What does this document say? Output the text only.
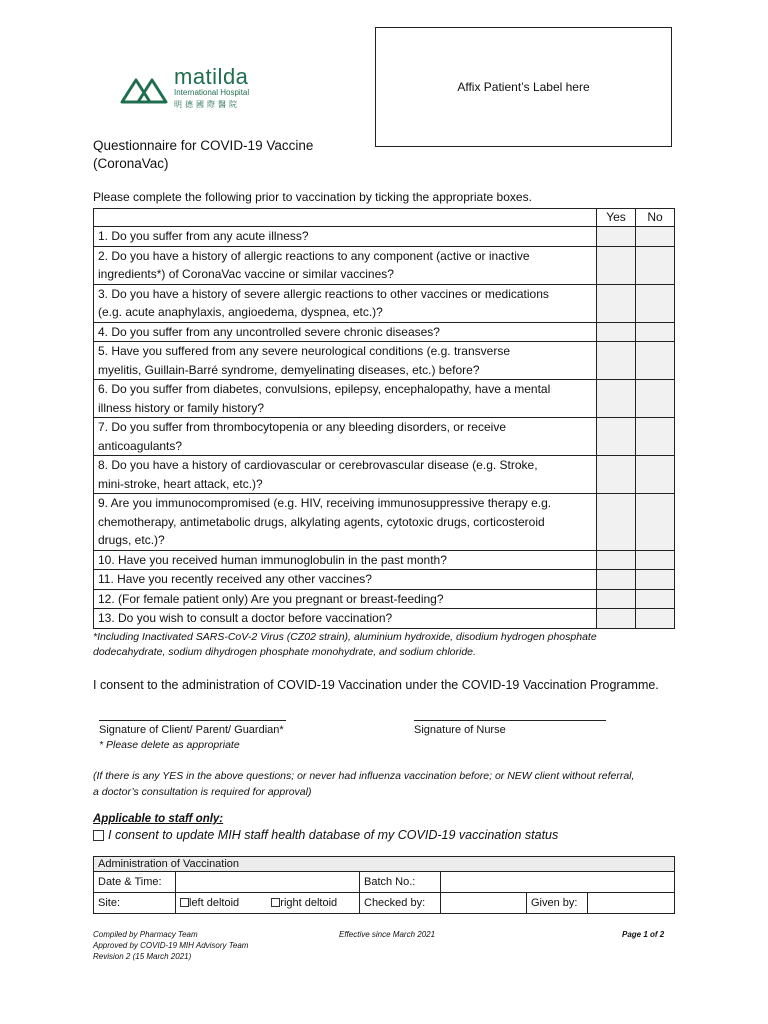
matilda
International Hospital
明德國際醫院
Affix Patient’s Label here
Questionnaire for COVID-19 Vaccine
(CoronaVac)
Please complete the following prior to vaccination by ticking the appropriate boxes.
	Yes	No

1. Do you suffer from any acute illness?		

2. Do you have a history of allergic reactions to any component (active or inactive
ingredients*) of CoronaVac vaccine or similar vaccines?		

3. Do you have a history of severe allergic reactions to other vaccines or medications
(e.g. acute anaphylaxis, angioedema, dyspnea, etc.)?		

4. Do you suffer from any uncontrolled severe chronic diseases?		

5. Have you suffered from any severe neurological conditions (e.g. transverse
myelitis, Guillain-Barré syndrome, demyelinating diseases, etc.) before?		

6. Do you suffer from diabetes, convulsions, epilepsy, encephalopathy, have a mental
illness history or family history?		

7. Do you suffer from thrombocytopenia or any bleeding disorders, or receive
anticoagulants?		

8. Do you have a history of cardiovascular or cerebrovascular disease (e.g. Stroke,
mini-stroke, heart attack, etc.)?		

9. Are you immunocompromised (e.g. HIV, receiving immunosuppressive therapy e.g.
chemotherapy, antimetabolic drugs, alkylating agents, cytotoxic drugs, corticosteroid
drugs, etc.)?		

10. Have you received human immunoglobulin in the past month?		

11. Have you recently received any other vaccines?		

12. (For female patient only) Are you pregnant or breast-feeding?		

13. Do you wish to consult a doctor before vaccination?		

*Including Inactivated SARS-CoV-2 Virus (CZ02 strain), aluminium hydroxide, disodium hydrogen phosphate
dodecahydrate, sodium dihydrogen phosphate monohydrate, and sodium chloride.
I consent to the administration of COVID-19 Vaccination under the COVID-19 Vaccination Programme.
Signature of Client/ Parent/ Guardian*
* Please delete as appropriate
Signature of Nurse
(If there is any YES in the above questions; or never had influenza vaccination before; or NEW client without referral,
a doctor’s consultation is required for approval)
Applicable to staff only:
I consent to update MIH staff health database of my COVID-19 vaccination status
Administration of Vaccination					
Date & Time:		Batch No.:			
Site:	left deltoid right deltoid	Checked by:		Given by:	
Compiled by Pharmacy Team
Approved by COVID-19 MIH Advisory Team
Revision 2 (15 March 2021)
Effective since March 2021	Page 1 of 2
